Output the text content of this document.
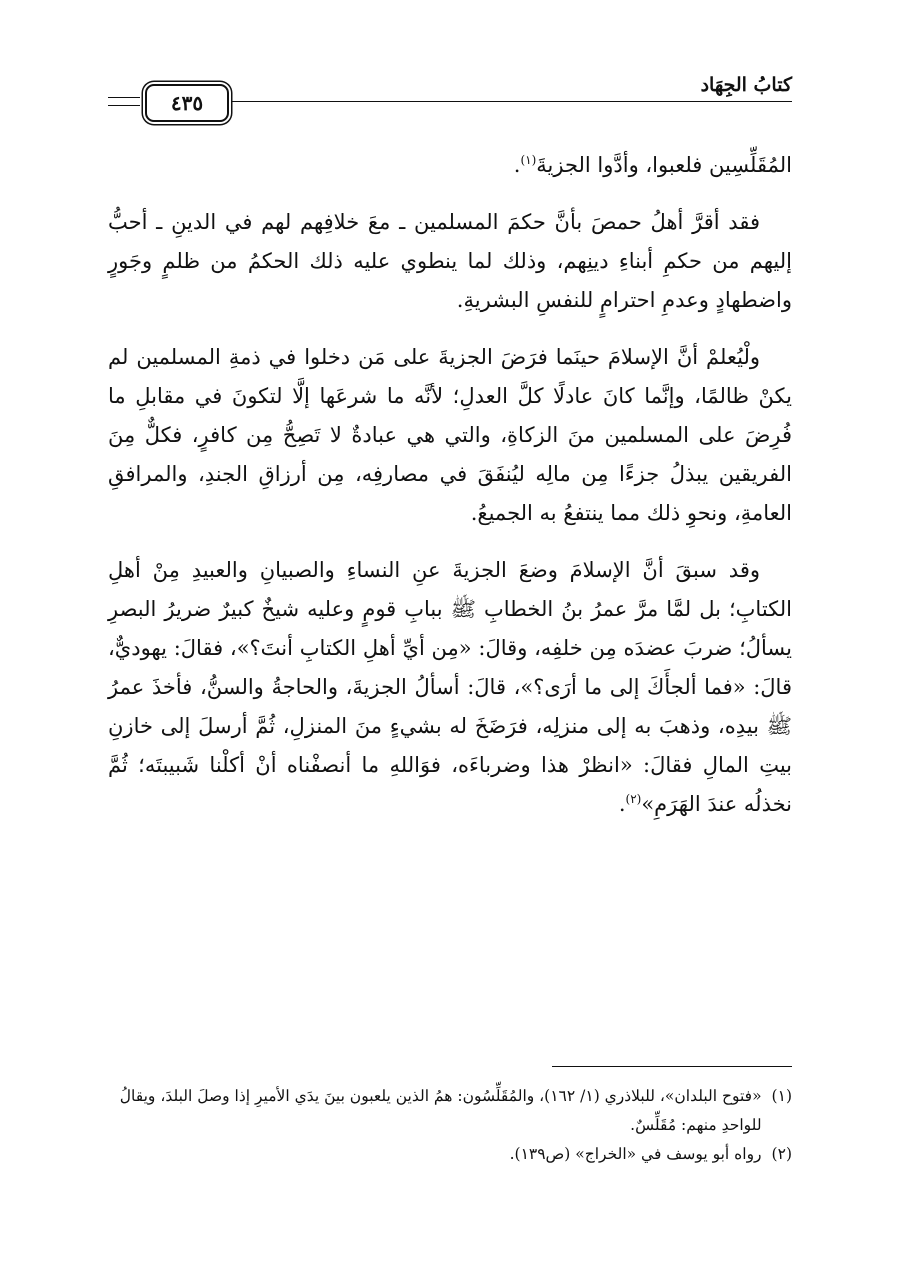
كتابُ الجِهَاد
٤٣٥

المُقَلِّسِين فلعبوا، وأدَّوا الجزيةَ$^{(١)}$.

فقد أقرَّ أهلُ حمصَ بأنَّ حكمَ المسلمين ـ معَ خلافِهم لهم في الدينِ ـ أحبُّ إليهم من حكمِ أبناءِ دينِهم، وذلك لما ينطوي عليه ذلك الحكمُ من ظلمٍ وجَورٍ واضطهادٍ وعدمِ احترامٍ للنفسِ البشريةِ.

ولْيُعلمْ أنَّ الإسلامَ حينَما فرَضَ الجزيةَ على مَن دخلوا في ذمةِ المسلمين لم يكنْ ظالمًا، وإنَّما كانَ عادلًا كلَّ العدلِ؛ لأنَّه ما شرعَها إلَّا لتكونَ في مقابلِ ما فُرِضَ على المسلمين منَ الزكاةِ، والتي هي عبادةٌ لا تَصِحُّ مِن كافرٍ، فكلٌّ مِنَ الفريقين يبذلُ جزءًا مِن مالِه ليُنفَقَ في مصارفِه، مِن أرزاقِ الجندِ، والمرافقِ العامةِ، ونحوِ ذلك مما ينتفعُ به الجميعُ.

وقد سبقَ أنَّ الإسلامَ وضعَ الجزيةَ عنِ النساءِ والصبيانِ والعبيدِ مِنْ أهلِ الكتابِ؛ بل لمَّا مرَّ عمرُ بنُ الخطابِ ﷺ ببابِ قومٍ وعليه شيخٌ كبيرٌ ضريرُ البصرِ يسألُ؛ ضربَ عضدَه مِن خلفِه، وقالَ: «مِن أيِّ أهلِ الكتابِ أنتَ؟»، فقالَ: يهوديٌّ، قالَ: «فما ألجأَكَ إلى ما أرَى؟»، قالَ: أسألُ الجزيةَ، والحاجةُ والسنُّ، فأخذَ عمرُ ﷺ بيدِه، وذهبَ به إلى منزلِه، فرَضَخَ له بشيءٍ منَ المنزلِ، ثُمَّ أرسلَ إلى خازنِ بيتِ المالِ فقالَ: «انظرْ هذا وضرباءَه، فوَاللهِ ما أنصفْناه أنْ أكلْنا شَبيبتَه؛ ثُمَّ نخذلُه عندَ الهَرَمِ»$^{(٢)}$.

(١)
«فتوح البلدان»، للبلاذري (١/ ١٦٢)، والمُقَلِّسُون: همُ الذين يلعبون بينَ يدَي الأميرِ إذا وصلَ البلدَ، ويقالُ للواحدِ منهم: مُقَلِّسٌ.
(٢)
رواه أبو يوسف في «الخراج» (ص١٣٩).
